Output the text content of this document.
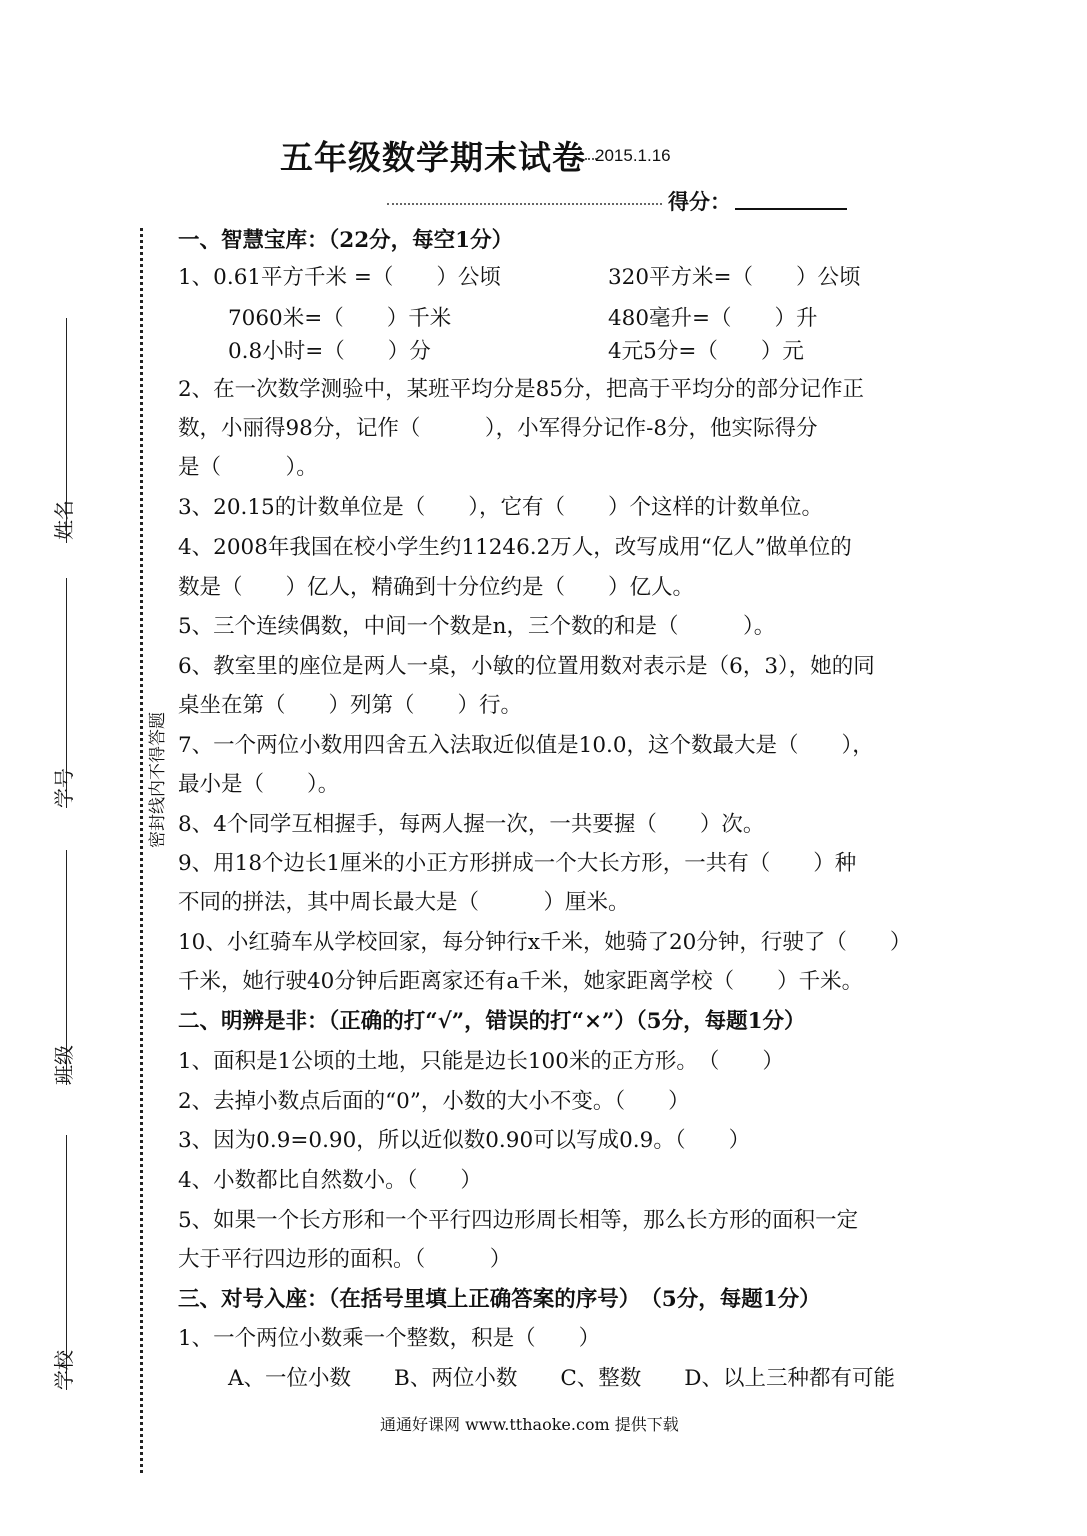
五年级数学期末试卷 2015.1.16
得分：
密封线内不得答题
姓名
学号
班级
学校
一、智慧宝库：（22分，每空1分）
1、0.61平方千米 =（　　）公顷	320平方米=（　　）公顷
7060米=（　　）千米	480毫升=（　　）升
0.8小时=（　　）分	4元5分=（　　）元
2、在一次数学测验中，某班平均分是85分，把高于平均分的部分记作正
数，小丽得98分，记作（　　　），小军得分记作-8分，他实际得分
是（　　　）。
3、20.15的计数单位是（　　），它有（　　）个这样的计数单位。
4、2008年我国在校小学生约11246.2万人，改写成用“亿人”做单位的
数是（　　）亿人，精确到十分位约是（　　）亿人。
5、三个连续偶数，中间一个数是n，三个数的和是（　　　）。
6、教室里的座位是两人一桌，小敏的位置用数对表示是（6，3），她的同
桌坐在第（　　）列第（　　）行。
7、一个两位小数用四舍五入法取近似值是10.0，这个数最大是（　　），
最小是（　　）。
8、4个同学互相握手，每两人握一次，一共要握（　　）次。
9、用18个边长1厘米的小正方形拼成一个大长方形，一共有（　　）种
不同的拼法，其中周长最大是（　　　）厘米。
10、小红骑车从学校回家，每分钟行x千米，她骑了20分钟，行驶了（　　）
千米，她行驶40分钟后距离家还有a千米，她家距离学校（　　）千米。
二、明辨是非：（正确的打“√”，错误的打“×”）（5分，每题1分）
1、面积是1公顷的土地，只能是边长100米的正方形。　（　　）
2、去掉小数点后面的“0”，小数的大小不变。（　　）
3、因为0.9=0.90，所以近似数0.90可以写成0.9。（　　）
4、小数都比自然数小。（　　）
5、如果一个长方形和一个平行四边形周长相等，那么长方形的面积一定
大于平行四边形的面积。（　　　）
三、对号入座：（在括号里填上正确答案的序号）　（5分，每题1分）
1、一个两位小数乘一个整数，积是（　　）
A、一位小数　　B、两位小数　　C、整数　　D、以上三种都有可能
通通好课网 www.tthaoke.com 提供下载
